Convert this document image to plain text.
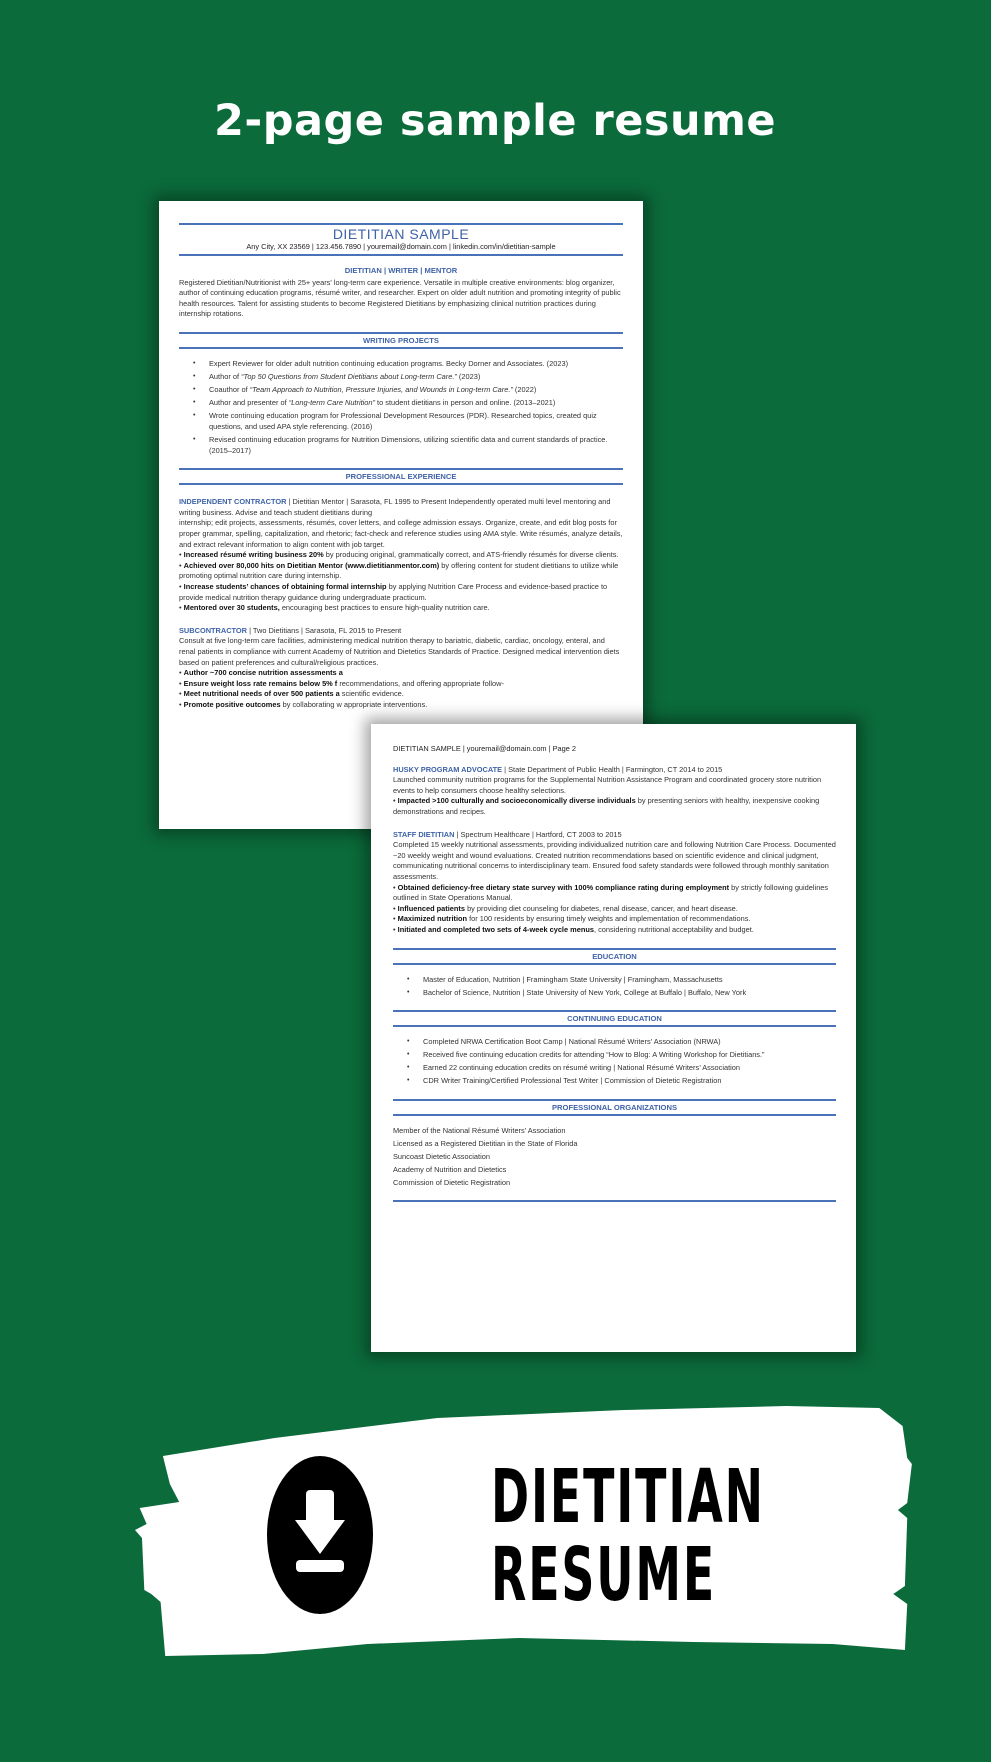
2-page sample resume
DIETITIAN SAMPLE
Any City, XX 23569 | 123.456.7890 | youremail@domain.com | linkedin.com/in/dietitian-sample
DIETITIAN | WRITER | MENTOR
Registered Dietitian/Nutritionist with 25+ years' long-term care experience. Versatile in multiple creative environments: blog organizer, author of continuing education programs, résumé writer, and researcher. Expert on older adult nutrition and promoting integrity of public health resources. Talent for assisting students to become Registered Dietitians by emphasizing clinical nutrition practices during internship rotations.
WRITING PROJECTS
• Expert Reviewer for older adult nutrition continuing education programs. Becky Dorner and Associates. (2023)
• Author of “Top 50 Questions from Student Dietitians about Long-term Care.” (2023)
• Coauthor of “Team Approach to Nutrition, Pressure Injuries, and Wounds in Long-term Care.” (2022)
• Author and presenter of “Long-term Care Nutrition” to student dietitians in person and online. (2013–2021)
• Wrote continuing education program for Professional Development Resources (PDR). Researched topics, created quiz questions, and used APA style referencing. (2016)
• Revised continuing education programs for Nutrition Dimensions, utilizing scientific data and current standards of practice. (2015–2017)
PROFESSIONAL EXPERIENCE

INDEPENDENT CONTRACTOR | Dietitian Mentor | Sarasota, FL 1995 to Present Independently operated multi level mentoring and writing business. Advise and teach student dietitians during

internship; edit projects, assessments, résumés, cover letters, and college admission essays. Organize, create, and edit blog posts for proper grammar, spelling, capitalization, and rhetoric; fact-check and reference studies using AMA style. Write résumés, analyze details, and extract relevant information to align content with job target.

• Increased résumé writing business 20% by producing original, grammatically correct, and ATS-friendly résumés for diverse clients.

• Achieved over 80,000 hits on Dietitian Mentor (www.dietitianmentor.com) by offering content for student dietitians to utilize while promoting optimal nutrition care during internship.

• Increase students’ chances of obtaining formal internship by applying Nutrition Care Process and evidence-based practice to provide medical nutrition therapy guidance during undergraduate practicum.

• Mentored over 30 students, encouraging best practices to ensure high-quality nutrition care.

SUBCONTRACTOR | Two Dietitians | Sarasota, FL 2015 to Present

Consult at five long-term care facilities, administering medical nutrition therapy to bariatric, diabetic, cardiac, oncology, enteral, and renal patients in compliance with current Academy of Nutrition and Dietetics Standards of Practice. Designed medical intervention diets based on patient preferences and cultural/religious practices.

• Author ~700 concise nutrition assessments a

• Ensure weight loss rate remains below 5% f recommendations, and offering appropriate follow-

• Meet nutritional needs of over 500 patients a scientific evidence.

• Promote positive outcomes by collaborating w appropriate interventions.

DIETITIAN SAMPLE | youremail@domain.com | Page 2

HUSKY PROGRAM ADVOCATE | State Department of Public Health | Farmington, CT 2014 to 2015

Launched community nutrition programs for the Supplemental Nutrition Assistance Program and coordinated grocery store nutrition events to help consumers choose healthy selections.

• Impacted >100 culturally and socioeconomically diverse individuals by presenting seniors with healthy, inexpensive cooking demonstrations and recipes.

STAFF DIETITIAN | Spectrum Healthcare | Hartford, CT 2003 to 2015

Completed 15 weekly nutritional assessments, providing individualized nutrition care and following Nutrition Care Process. Documented ~20 weekly weight and wound evaluations. Created nutrition recommendations based on scientific evidence and clinical judgment, communicating nutritional concerns to interdisciplinary team. Ensured food safety standards were followed through monthly sanitation assessments.

• Obtained deficiency-free dietary state survey with 100% compliance rating during employment by strictly following guidelines outlined in State Operations Manual.

• Influenced patients by providing diet counseling for diabetes, renal disease, cancer, and heart disease.

• Maximized nutrition for 100 residents by ensuring timely weights and implementation of recommendations.

• Initiated and completed two sets of 4-week cycle menus, considering nutritional acceptability and budget.

EDUCATION
• Master of Education, Nutrition | Framingham State University | Framingham, Massachusetts
• Bachelor of Science, Nutrition | State University of New York, College at Buffalo | Buffalo, New York
CONTINUING EDUCATION
• Completed NRWA Certification Boot Camp | National Résumé Writers’ Association (NRWA)
• Received five continuing education credits for attending “How to Blog: A Writing Workshop for Dietitians.”
• Earned 22 continuing education credits on résumé writing | National Résumé Writers’ Association
• CDR Writer Training/Certified Professional Test Writer | Commission of Dietetic Registration
PROFESSIONAL ORGANIZATIONS
Member of the National Résumé Writers’ Association
Licensed as a Registered Dietitian in the State of Florida
Suncoast Dietetic Association
Academy of Nutrition and Dietetics
Commission of Dietetic Registration
DIETITIAN
RESUME
